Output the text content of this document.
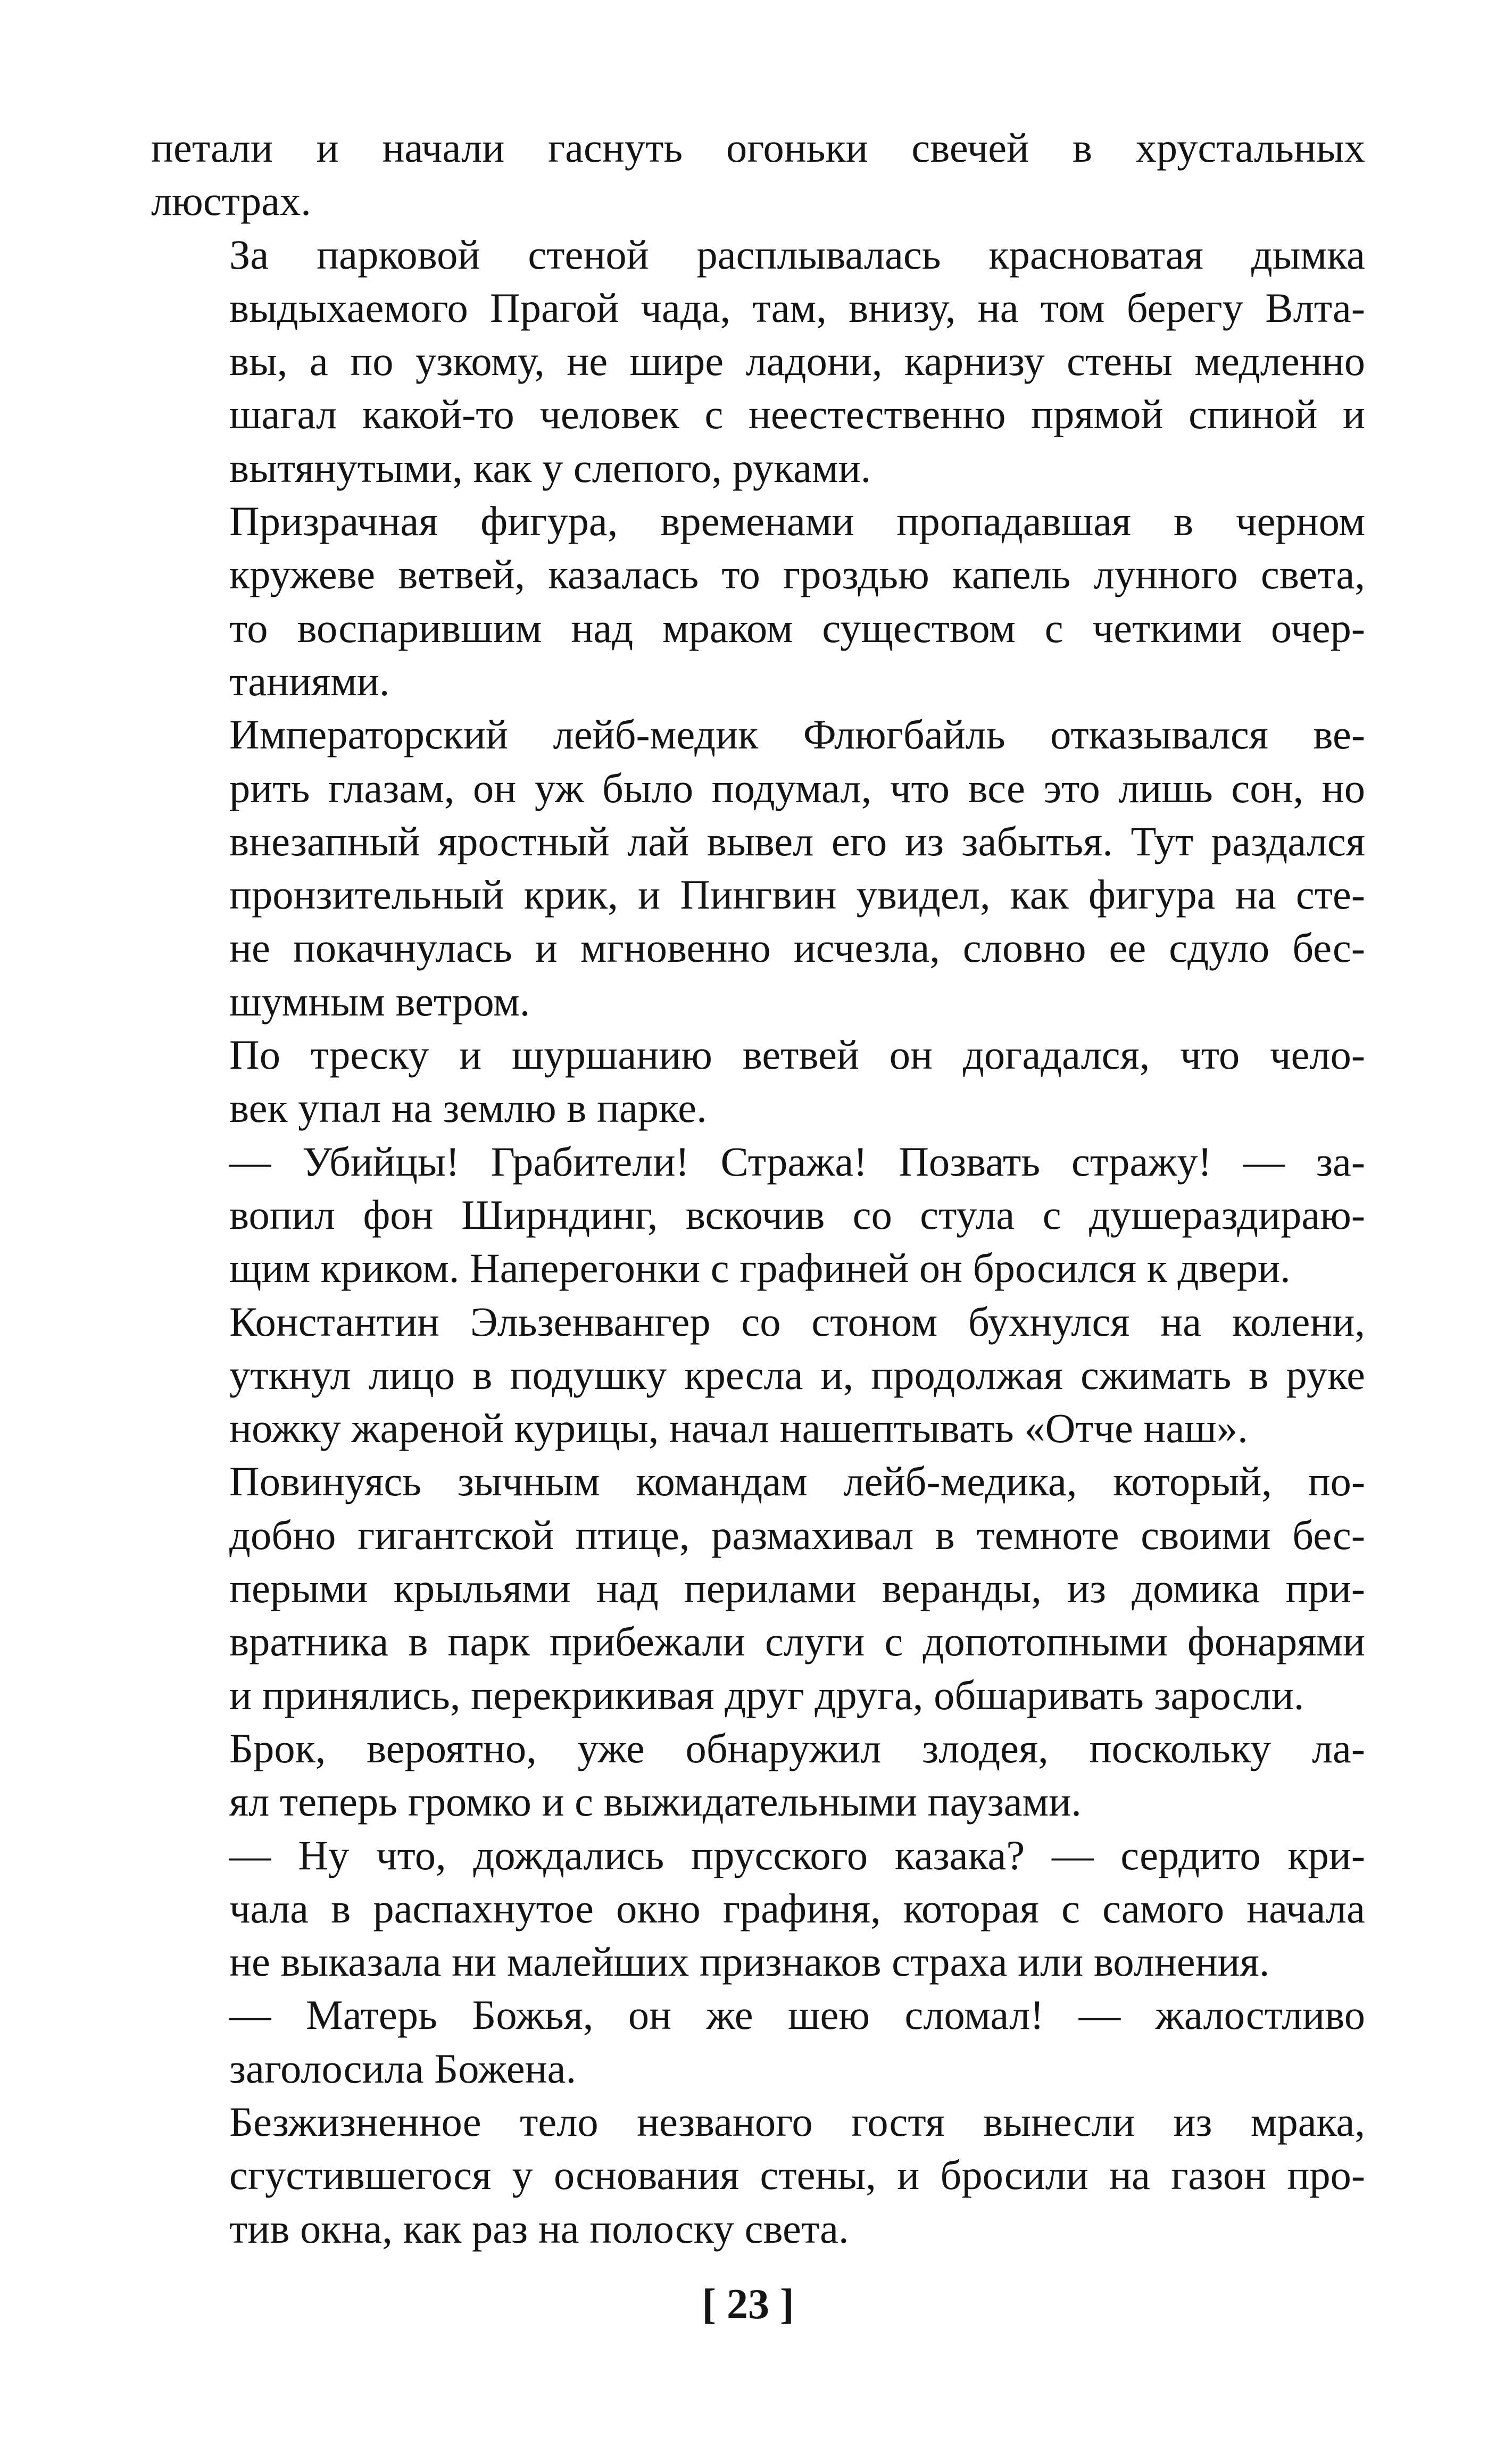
петали и начали гаснуть огоньки свечей в хрустальных
люстрах.
За парковой стеной расплывалась красноватая дымка
выдыхаемого Прагой чада, там, внизу, на том берегу Влта-
вы, а по узкому, не шире ладони, карнизу стены медленно
шагал какой-то человек с неестественно прямой спиной и
вытянутыми, как у слепого, руками.
Призрачная фигура, временами пропадавшая в черном
кружеве ветвей, казалась то гроздью капель лунного света,
то воспарившим над мраком существом с четкими очер-
таниями.
Императорский лейб-медик Флюгбайль отказывался ве-
рить глазам, он уж было подумал, что все это лишь сон, но
внезапный яростный лай вывел его из забытья. Тут раздался
пронзительный крик, и Пингвин увидел, как фигура на сте-
не покачнулась и мгновенно исчезла, словно ее сдуло бес-
шумным ветром.
По треску и шуршанию ветвей он догадался, что чело-
век упал на землю в парке.
— Убийцы! Грабители! Стража! Позвать стражу! — за-
вопил фон Ширндинг, вскочив со стула с душераздираю-
щим криком. Наперегонки с графиней он бросился к двери.
Константин Эльзенвангер со стоном бухнулся на колени,
уткнул лицо в подушку кресла и, продолжая сжимать в руке
ножку жареной курицы, начал нашептывать «Отче наш».
Повинуясь зычным командам лейб-медика, который, по-
добно гигантской птице, размахивал в темноте своими бес-
перыми крыльями над перилами веранды, из домика при-
вратника в парк прибежали слуги с допотопными фонарями
и принялись, перекрикивая друг друга, обшаривать заросли.
Брок, вероятно, уже обнаружил злодея, поскольку ла-
ял теперь громко и с выжидательными паузами.
— Ну что, дождались прусского казака? — сердито кри-
чала в распахнутое окно графиня, которая с самого начала
не выказала ни малейших признаков страха или волнения.
— Матерь Божья, он же шею сломал! — жалостливо
заголосила Божена.
Безжизненное тело незваного гостя вынесли из мрака,
сгустившегося у основания стены, и бросили на газон про-
тив окна, как раз на полоску света.
[ 23 ]
